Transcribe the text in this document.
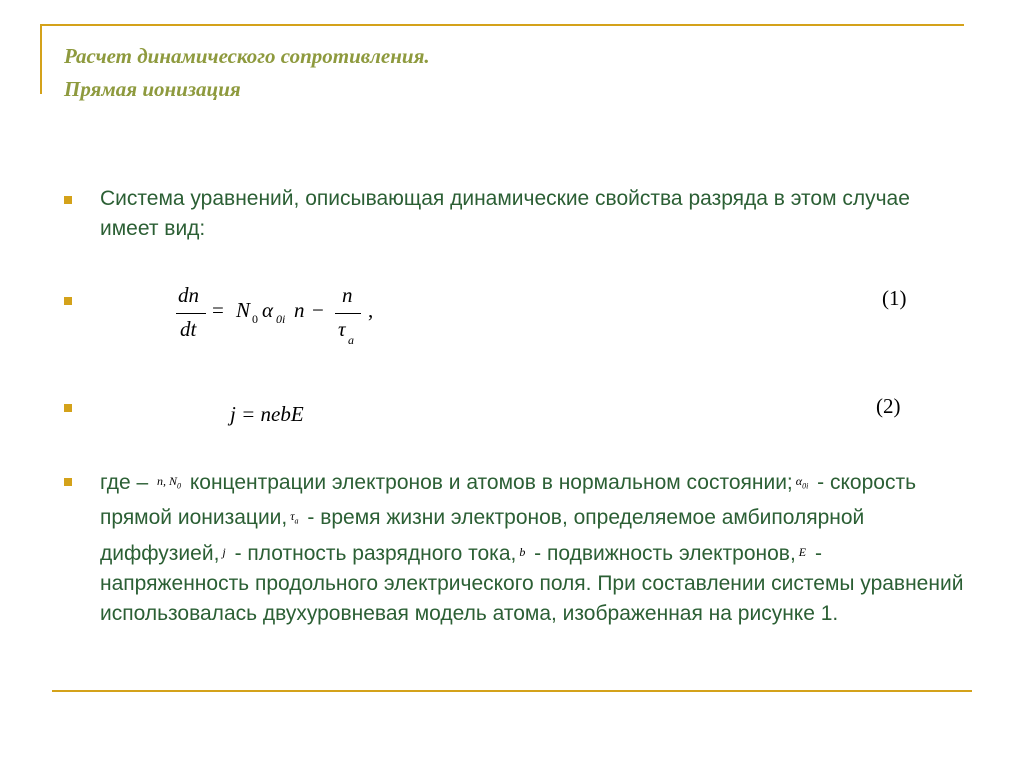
Расчет динамического сопротивления.
Прямая ионизация
Система уравнений, описывающая динамические свойства разряда в этом случае имеет вид:
dn
dt
= N 0 α 0i n −
n
τ a
,	(1)
j = nebE	(2)
где – n, $N_0$ концентрации электронов и атомов в нормальном состоянии; $\alpha_{0i}$ - скорость прямой ионизации, $\tau_a$ - время жизни электронов, определяемое амбиполярной диффузией, j - плотность разрядного тока, b - подвижность электронов, E - напряженность продольного электрического поля. При составлении системы уравнений использовалась двухуровневая модель атома, изображенная на рисунке 1.
